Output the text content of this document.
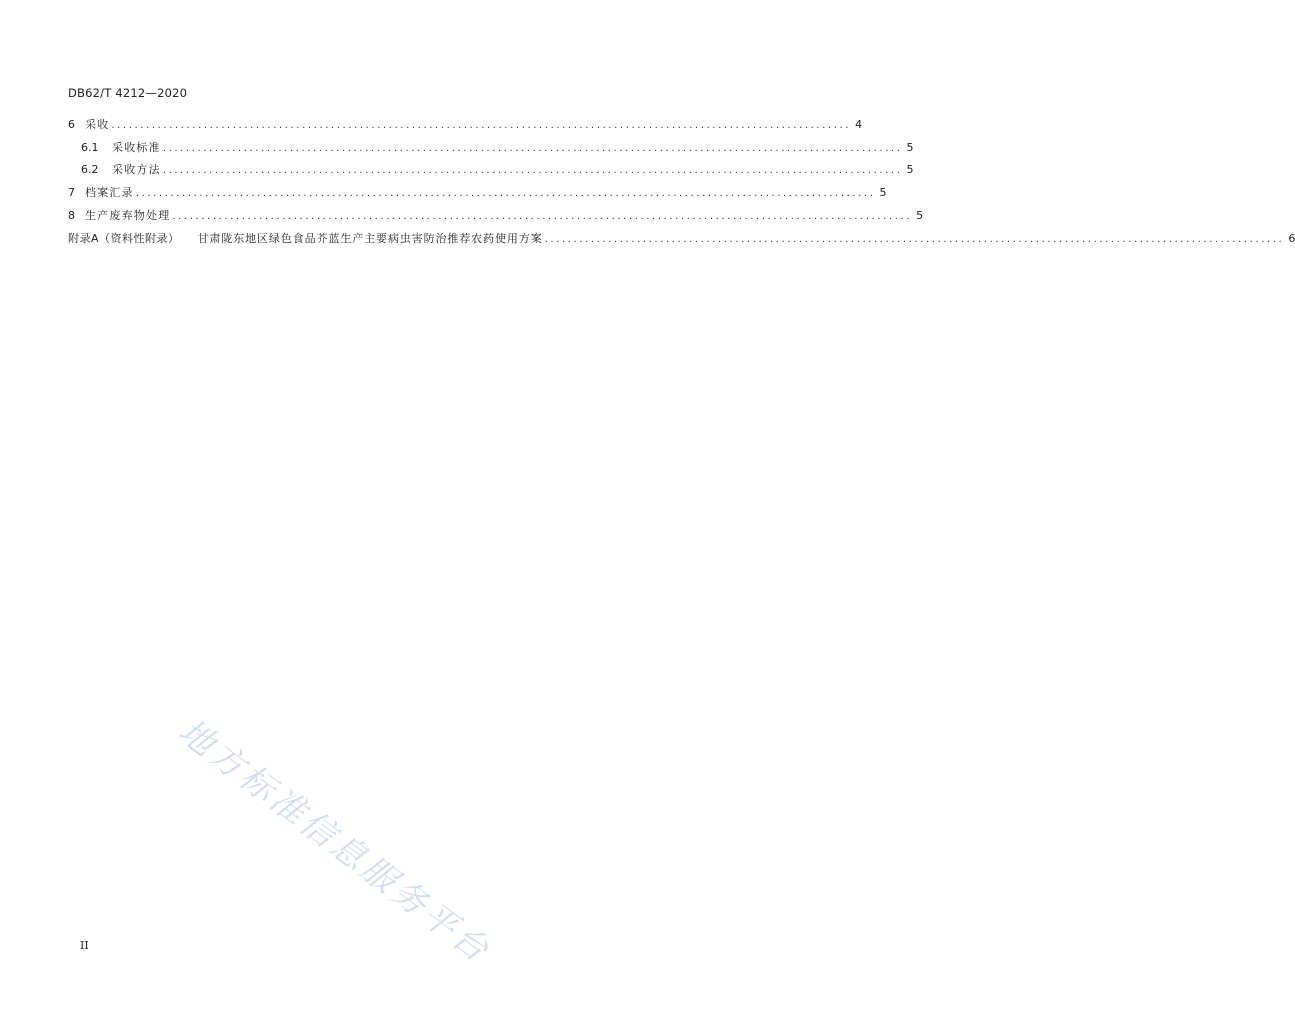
DB62/T 4212—2020
6 采收 ................................................................................................................................ 4
6.1	采收标准 ................................................................................................................................ 5
6.2	采收方法 ................................................................................................................................ 5
7 档案汇录 ................................................................................................................................ 5
8 生产废弃物处理 ................................................................................................................................ 5
附录A（资料性附录） 甘肃陇东地区绿色食品芥蓝生产主要病虫害防治推荐农药使用方案 ................................................................................................................................ 6
地方标准信息服务平台
II
